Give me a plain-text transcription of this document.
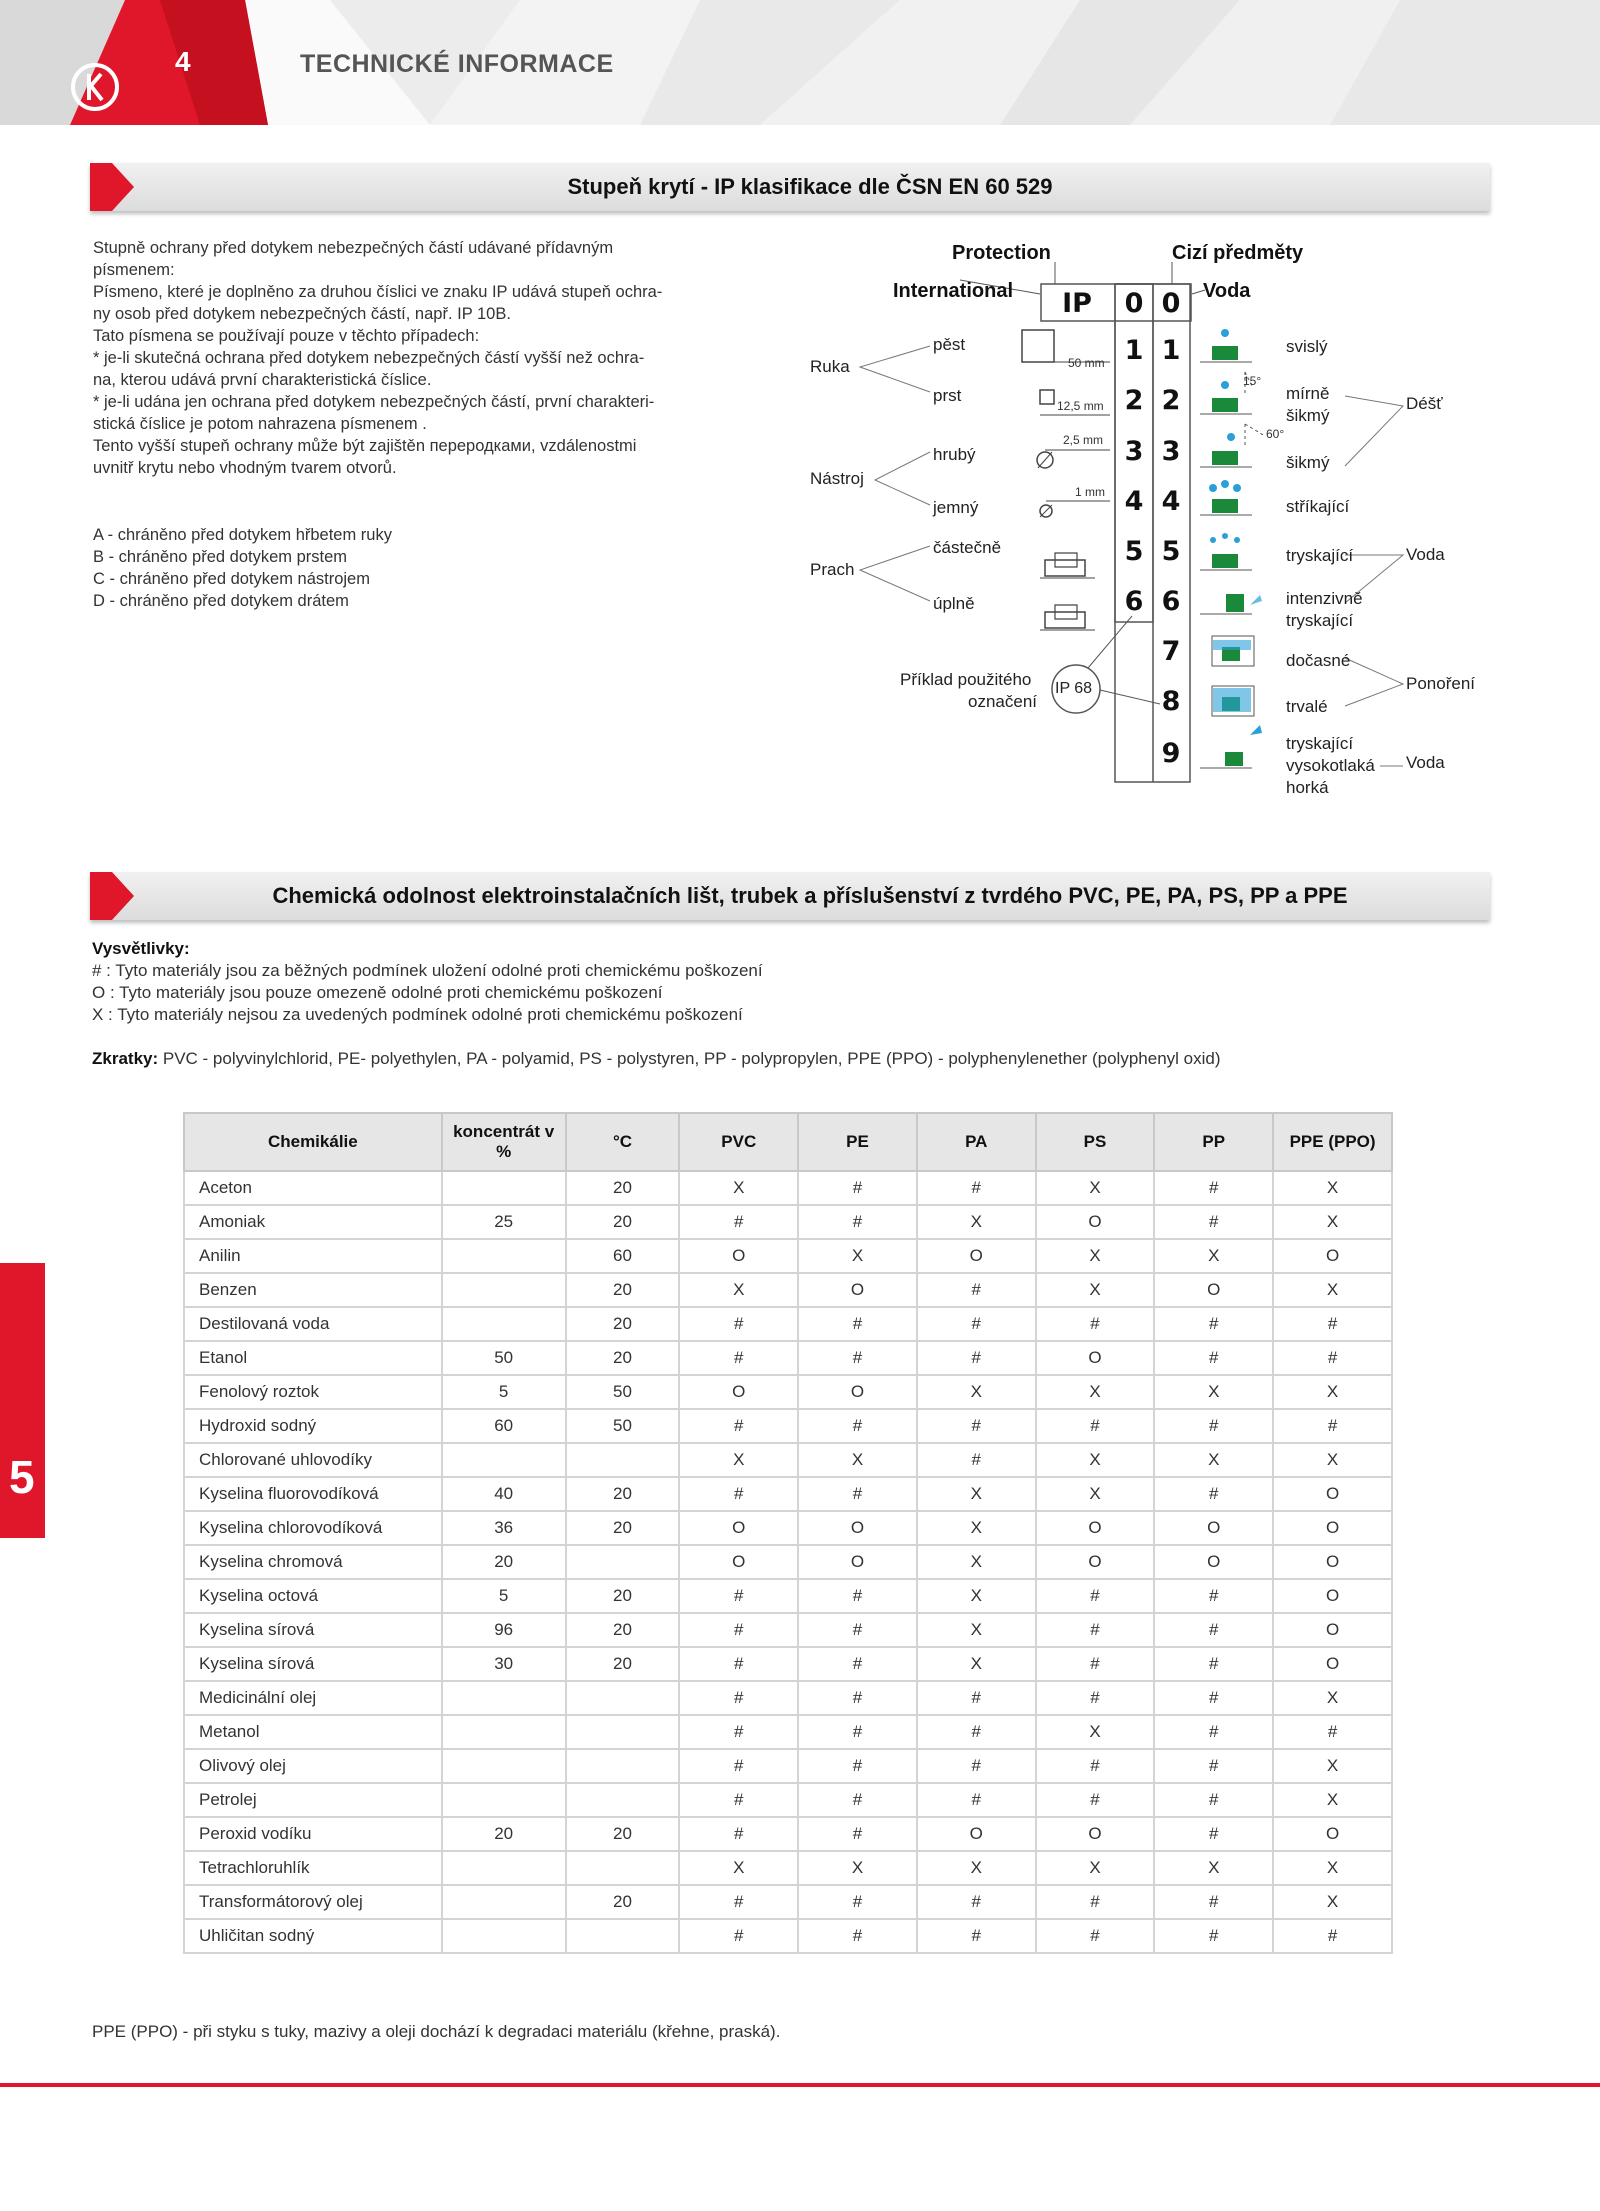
4	TECHNICKÉ INFORMACE
Stupeň krytí - IP klasifikace dle ČSN EN 60 529
Stupně ochrany před dotykem nebezpečných částí udávané přídavným
písmenem:
Písmeno, které je doplněno za druhou číslici ve znaku IP udává stupeň ochra-
ny osob před dotykem nebezpečných částí, např. IP 10B.
Tato písmena se používají pouze v těchto případech:
* je-li skutečná ochrana před dotykem nebezpečných částí vyšší než ochra-
na, kterou udává první charakteristická číslice.
* je-li udána jen ochrana před dotykem nebezpečných částí, první charakteri-
stická číslice je potom nahrazena písmenem .
Tento vyšší stupeň ochrany může být zajištěn переродками, vzdálenostmi
uvnitř krytu nebo vhodným tvarem otvorů.
A - chráněno před dotykem hřbetem ruky
B - chráněno před dotykem prstem
C - chráněno před dotykem nástrojem
D - chráněno před dotykem drátem
Protection
International
Cizí předměty
Voda
IP 0
1
2
3
4
5
6
0
1
2
3
4
5
6
7
8
9
Ruka
Nástroj
Prach
pěst
prst
hrubý
jemný
částečně
úplně
50 mm
12,5 mm
2,5 mm
1 mm
15°
60°
svislý
mírně
šikmý
šikmý
stříkající
tryskající
intenzivně
tryskající
dočasné
trvalé
tryskající
vysokotlaká
horká
Déšť
Voda
Ponoření
Voda
Příklad použitého
označení
IP 68
Chemická odolnost elektroinstalačních lišt, trubek a příslušenství z tvrdého PVC, PE, PA, PS, PP a PPE
Vysvětlivky:
# : Tyto materiály jsou za běžných podmínek uložení odolné proti chemickému poškození
O : Tyto materiály jsou pouze omezeně odolné proti chemickému poškození
X : Tyto materiály nejsou za uvedených podmínek odolné proti chemickému poškození
Zkratky: PVC - polyvinylchlorid, PE- polyethylen, PA - polyamid, PS - polystyren, PP - polypropylen, PPE (PPO) - polyphenylenether (polyphenyl oxid)
Chemikálie	koncentrát v %	°C	PVC	PE	PA	PS	PP	PPE (PPO)
Aceton		20	X	#	#	X	#	X
Amoniak	25	20	#	#	X	O	#	X
Anilin		60	O	X	O	X	X	O
Benzen		20	X	O	#	X	O	X
Destilovaná voda		20	#	#	#	#	#	#
Etanol	50	20	#	#	#	O	#	#
Fenolový roztok	5	50	O	O	X	X	X	X
Hydroxid sodný	60	50	#	#	#	#	#	#
Chlorované uhlovodíky			X	X	#	X	X	X
Kyselina fluorovodíková	40	20	#	#	X	X	#	O
Kyselina chlorovodíková	36	20	O	O	X	O	O	O
Kyselina chromová	20		O	O	X	O	O	O
Kyselina octová	5	20	#	#	X	#	#	O
Kyselina sírová	96	20	#	#	X	#	#	O
Kyselina sírová	30	20	#	#	X	#	#	O
Medicinální olej			#	#	#	#	#	X
Metanol			#	#	#	X	#	#
Olivový olej			#	#	#	#	#	X
Petrolej			#	#	#	#	#	X
Peroxid vodíku	20	20	#	#	O	O	#	O
Tetrachloruhlík			X	X	X	X	X	X
Transformátorový olej		20	#	#	#	#	#	X
Uhličitan sodný			#	#	#	#	#	#
5
PPE (PPO) - při styku s tuky, mazivy a oleji dochází k degradaci materiálu (křehne, praská).
